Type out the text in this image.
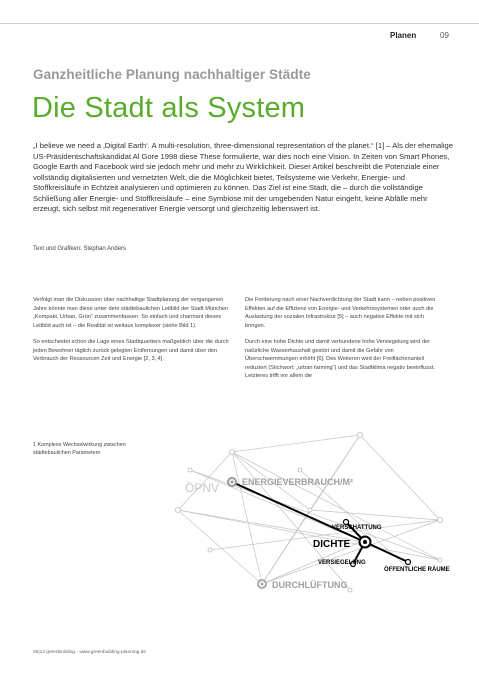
Planen	09
Ganzheitliche Planung nachhaltiger Städte
Die Stadt als System

„I believe we need a ‚Digital Earth‘. A multi-resolution, three-dimensional representation of the planet.“ [1] – Als der ehemalige US-Präsidentschaftskandidat Al Gore 1998 diese These formulierte, war dies noch eine Vision. In Zeiten von Smart Phones, Google Earth and Facebook wird sie jedoch mehr und mehr zu Wirklichkeit. Dieser Artikel beschreibt die Potenziale einer vollständig digitalisierten und vernetzten Welt, die die Möglichkeit bietet, Teilsysteme wie Verkehr, Energie- und Stoffkreisläufe in Echtzeit analysieren und optimieren zu können. Das Ziel ist eine Stadt, die – durch die vollständige Schließung aller Energie- und Stoffkreisläufe – eine Symbiose mit der umgebenden Natur eingeht, keine Abfälle mehr erzeugt, sich selbst mit regenerativer Energie versorgt und gleichzeitig lebenswert ist.

Text und Grafiken: Stephan Anders

Verfolgt man die Diskussion über nachhaltige Stadtplanung der vergangenen Jahre könnte man diese unter dem städtebaulichen Leitbild der Stadt München „Kompakt, Urban, Grün“ zusammenfassen. So einfach und charmant dieses Leitbild auch ist – die Realität ist weitaus komplexer (siehe Bild 1).

So entscheidet schon die Lage eines Stadtquartiers maßgeblich über die durch jeden Bewohner täglich zurück gelegten Entfernungen und damit über den Verbrauch der Ressourcen Zeit und Energie [2, 3, 4].

Die Forderung nach einer Nachverdichtung der Stadt kann – neben positiven Effekten auf die Effizienz von Energie- und Verkehrssystemen oder auch die Auslastung der sozialen Infrastruktur [5] – auch negative Effekte mit sich bringen.

Durch eine hohe Dichte und damit verbundene hohe Versiegelung wird der natürliche Wasserhaushalt gestört und damit die Gefahr von Überschwemmungen erhöht [6]. Des Weiteren wird der Freiflächenanteil reduziert (Stichwort: „urban farming“) und das Stadtklima negativ beeinflusst. Letzteres trifft vor allem die

1 Komplexe Wechselwirkung zwischen städtebaulichen Parametern
ÖPNV	ENERGIEVERBRAUCH/M²
VERSCHATTUNG
DICHTE
VERSIEGELUNG
ÖFFENTLICHE RÄUME
DURCHLÜFTUNG
06|13 greenbuilding · www.greenbuilding-planning.de
